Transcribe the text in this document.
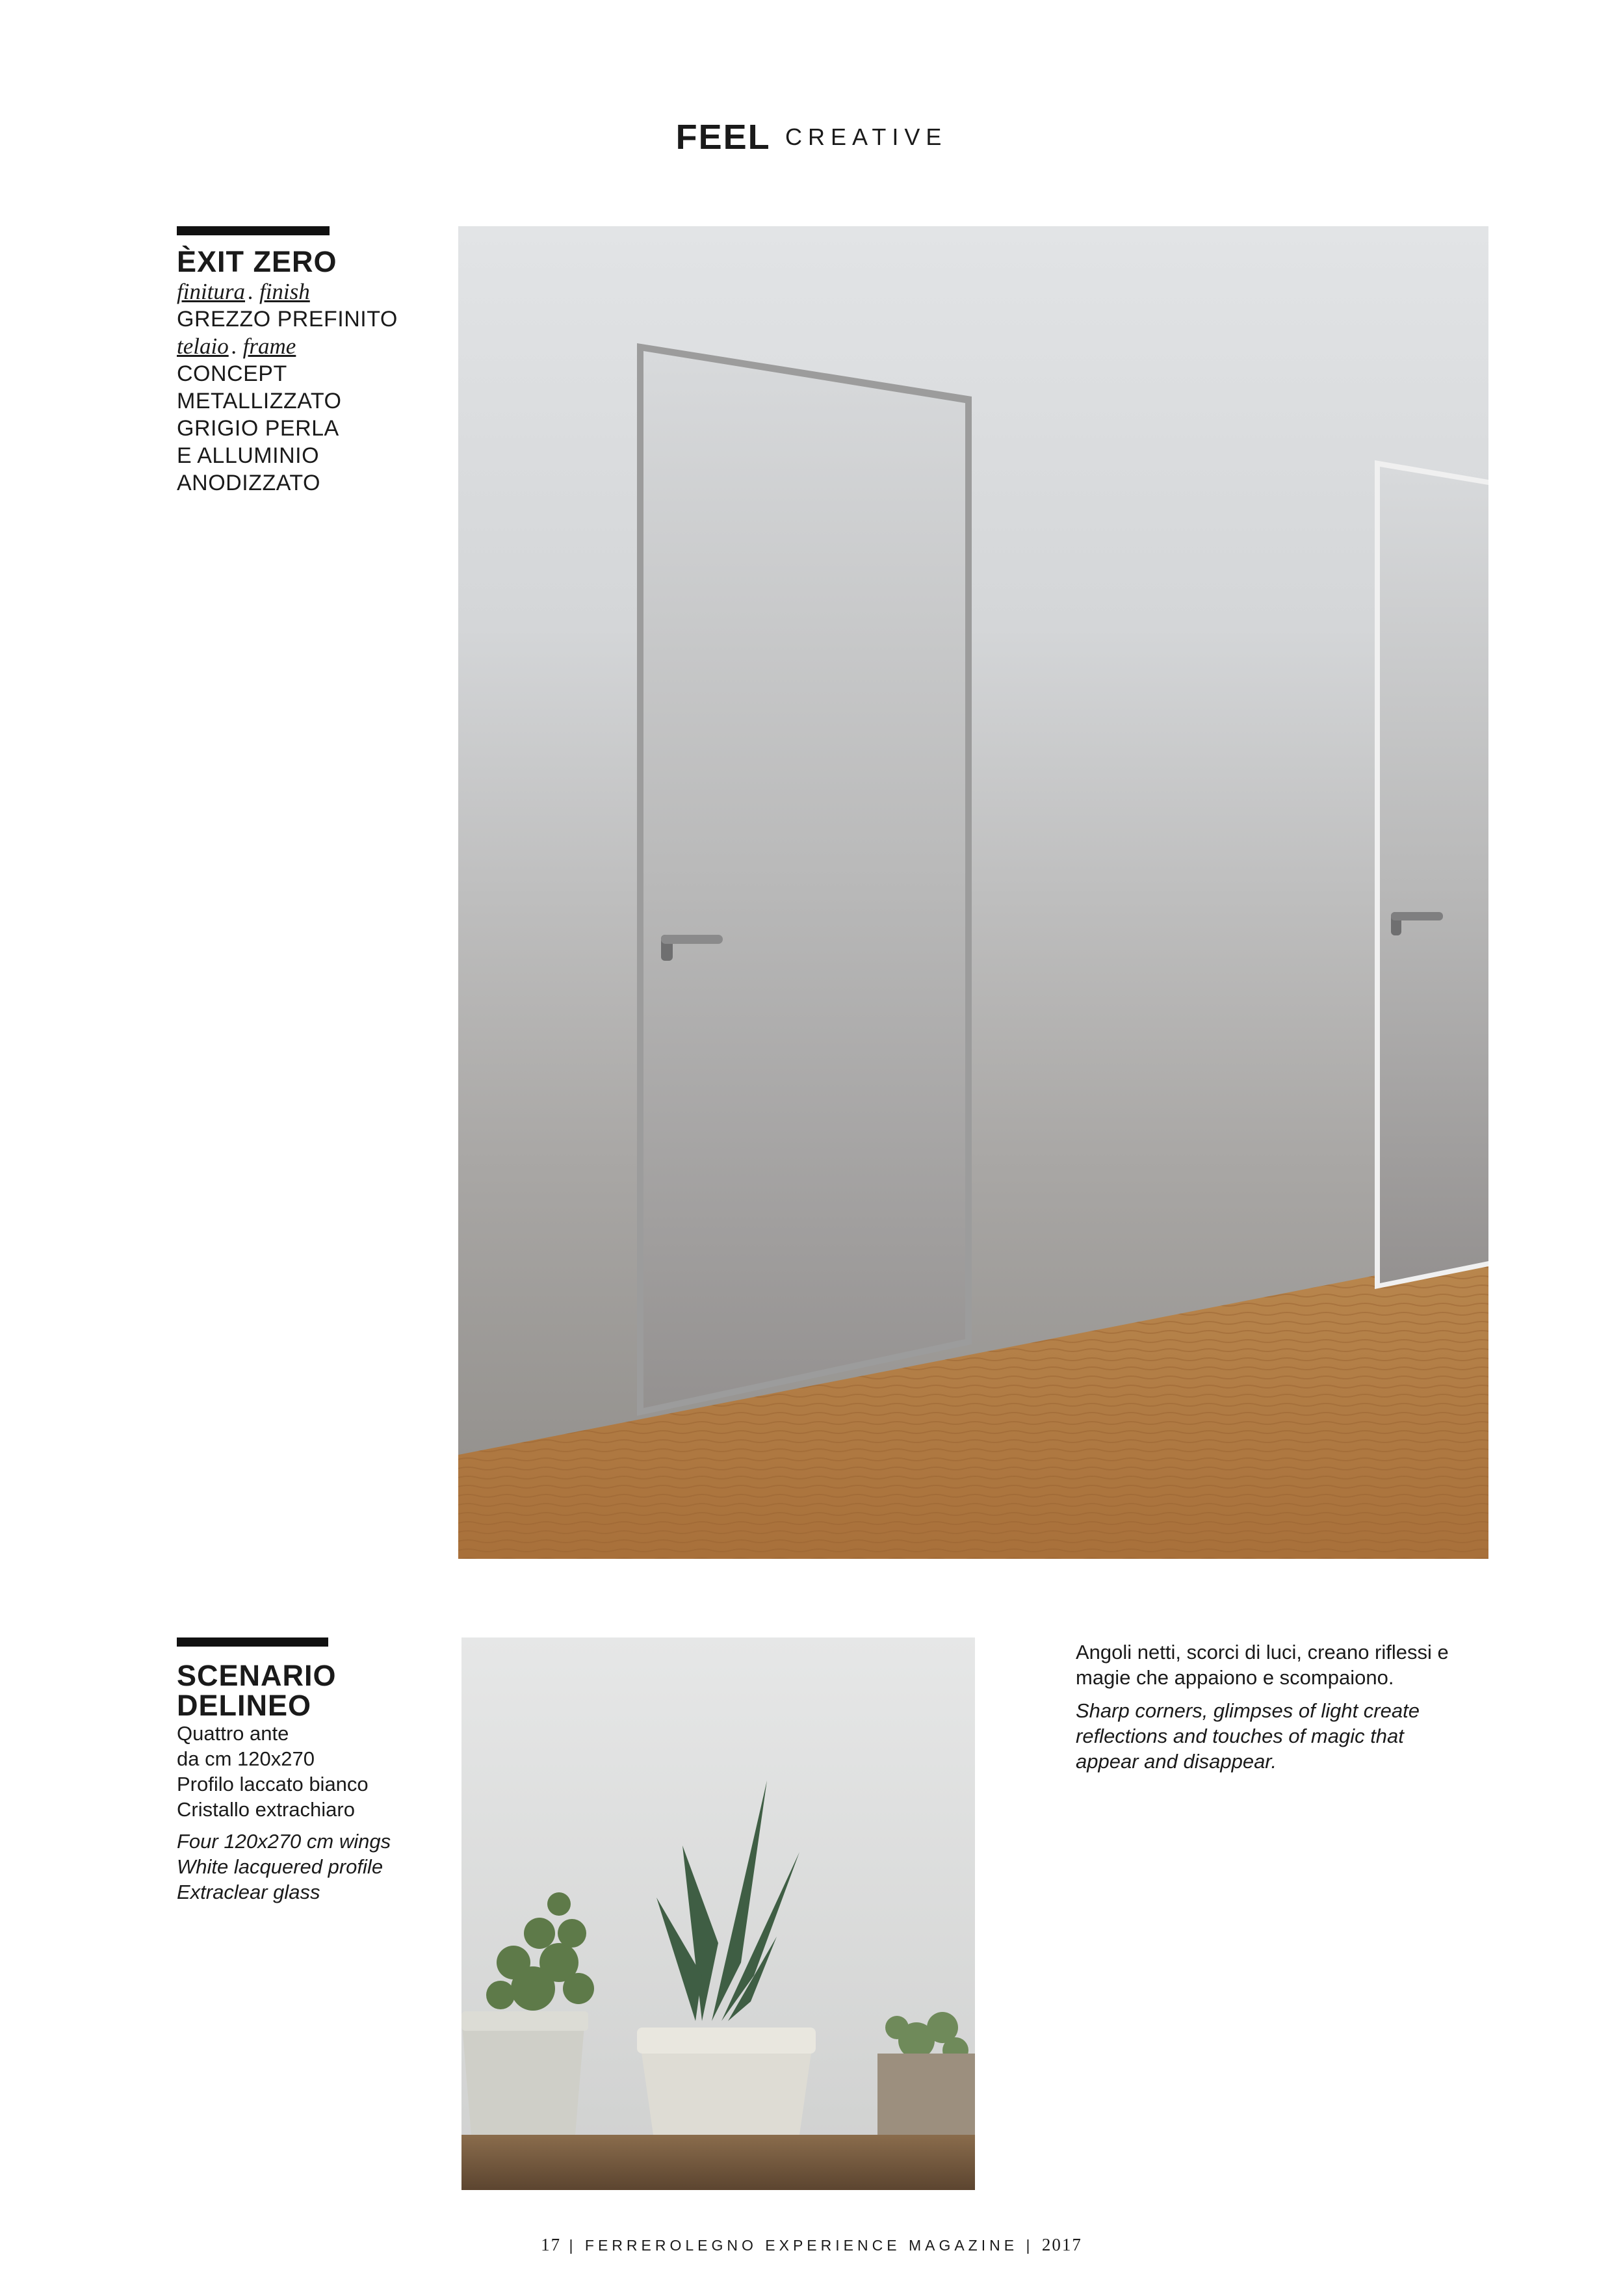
FEEL CREATIVE
ÈXIT ZERO
finitura . finish
GREZZO PREFINITO
telaio . frame
CONCEPT
METALLIZZATO
GRIGIO PERLA
E ALLUMINIO
ANODIZZATO
SCENARIO
DELINEO
Quattro ante
da cm 120x270
Profilo laccato bianco
Cristallo extrachiaro
Four 120x270 cm wings
White lacquered profile
Extraclear glass
Angoli netti, scorci di luci, creano riflessi e
magie che appaiono e scompaiono.
Sharp corners, glimpses of light create
reflections and touches of magic that
appear and disappear.
17 | FERREROLEGNO EXPERIENCE MAGAZINE | 2017
